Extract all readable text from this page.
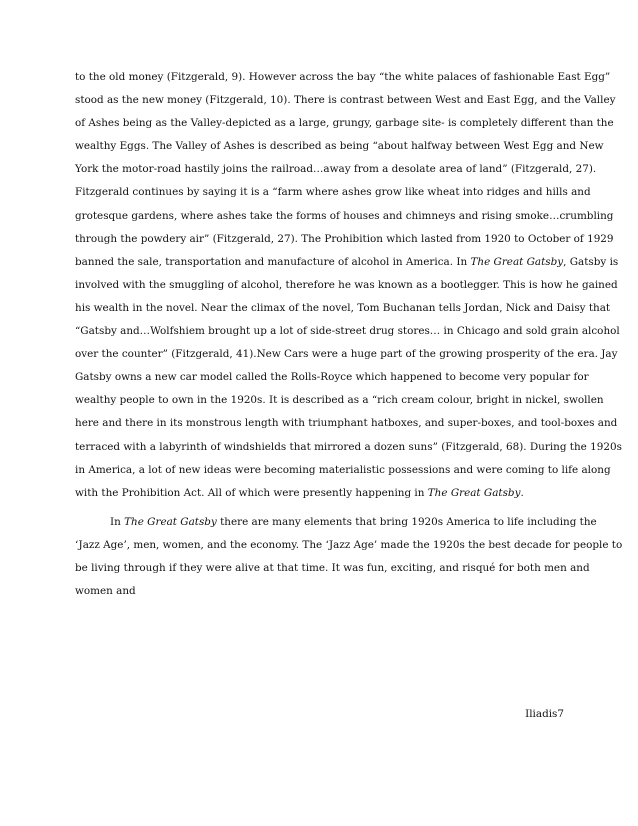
to the old money (Fitzgerald, 9). However across the bay “the white palaces of fashionable East Egg”
stood as the new money (Fitzgerald, 10). There is contrast between West and East Egg, and the Valley
of Ashes being as the Valley-depicted as a large, grungy, garbage site- is completely different than the
wealthy Eggs. The Valley of Ashes is described as being “about halfway between West Egg and New
York the motor-road hastily joins the railroad…away from a desolate area of land” (Fitzgerald, 27).
Fitzgerald continues by saying it is a “farm where ashes grow like wheat into ridges and hills and
grotesque gardens, where ashes take the forms of houses and chimneys and rising smoke…crumbling
through the powdery air” (Fitzgerald, 27). The Prohibition which lasted from 1920 to October of 1929
banned the sale, transportation and manufacture of alcohol in America. In The Great Gatsby, Gatsby is
involved with the smuggling of alcohol, therefore he was known as a bootlegger. This is how he gained
his wealth in the novel. Near the climax of the novel, Tom Buchanan tells Jordan, Nick and Daisy that
“Gatsby and…Wolfshiem brought up a lot of side-street drug stores… in Chicago and sold grain alcohol
over the counter” (Fitzgerald, 41).New Cars were a huge part of the growing prosperity of the era. Jay
Gatsby owns a new car model called the Rolls-Royce which happened to become very popular for
wealthy people to own in the 1920s. It is described as a “rich cream colour, bright in nickel, swollen
here and there in its monstrous length with triumphant hatboxes, and super-boxes, and tool-boxes and
terraced with a labyrinth of windshields that mirrored a dozen suns” (Fitzgerald, 68). During the 1920s
in America, a lot of new ideas were becoming materialistic possessions and were coming to life along
with the Prohibition Act. All of which were presently happening in The Great Gatsby.
In The Great Gatsby there are many elements that bring 1920s America to life including the
‘Jazz Age’, men, women, and the economy. The ‘Jazz Age’ made the 1920s the best decade for people to
be living through if they were alive at that time. It was fun, exciting, and risqué for both men and
women and
Iliadis7
